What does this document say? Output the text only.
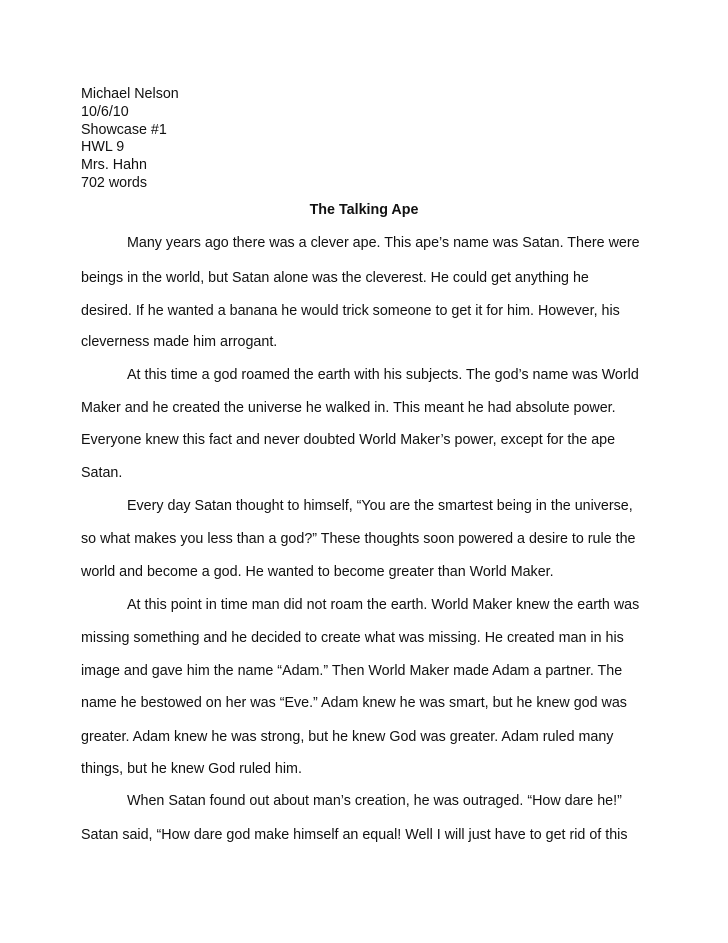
Michael Nelson
10/6/10
Showcase #1
HWL 9
Mrs. Hahn
702 words
The Talking Ape
Many years ago there was a clever ape. This ape’s name was Satan. There were
beings in the world, but Satan alone was the cleverest. He could get anything he
desired. If he wanted a banana he would trick someone to get it for him. However, his
cleverness made him arrogant.
At this time a god roamed the earth with his subjects. The god’s name was World
Maker and he created the universe he walked in. This meant he had absolute power.
Everyone knew this fact and never doubted World Maker’s power, except for the ape
Satan.
Every day Satan thought to himself, “You are the smartest being in the universe,
so what makes you less than a god?” These thoughts soon powered a desire to rule the
world and become a god. He wanted to become greater than World Maker.
At this point in time man did not roam the earth. World Maker knew the earth was
missing something and he decided to create what was missing. He created man in his
image and gave him the name “Adam.” Then World Maker made Adam a partner. The
name he bestowed on her was “Eve.” Adam knew he was smart, but he knew god was
greater. Adam knew he was strong, but he knew God was greater. Adam ruled many
things, but he knew God ruled him.
When Satan found out about man’s creation, he was outraged. “How dare he!”
Satan said, “How dare god make himself an equal! Well I will just have to get rid of this
